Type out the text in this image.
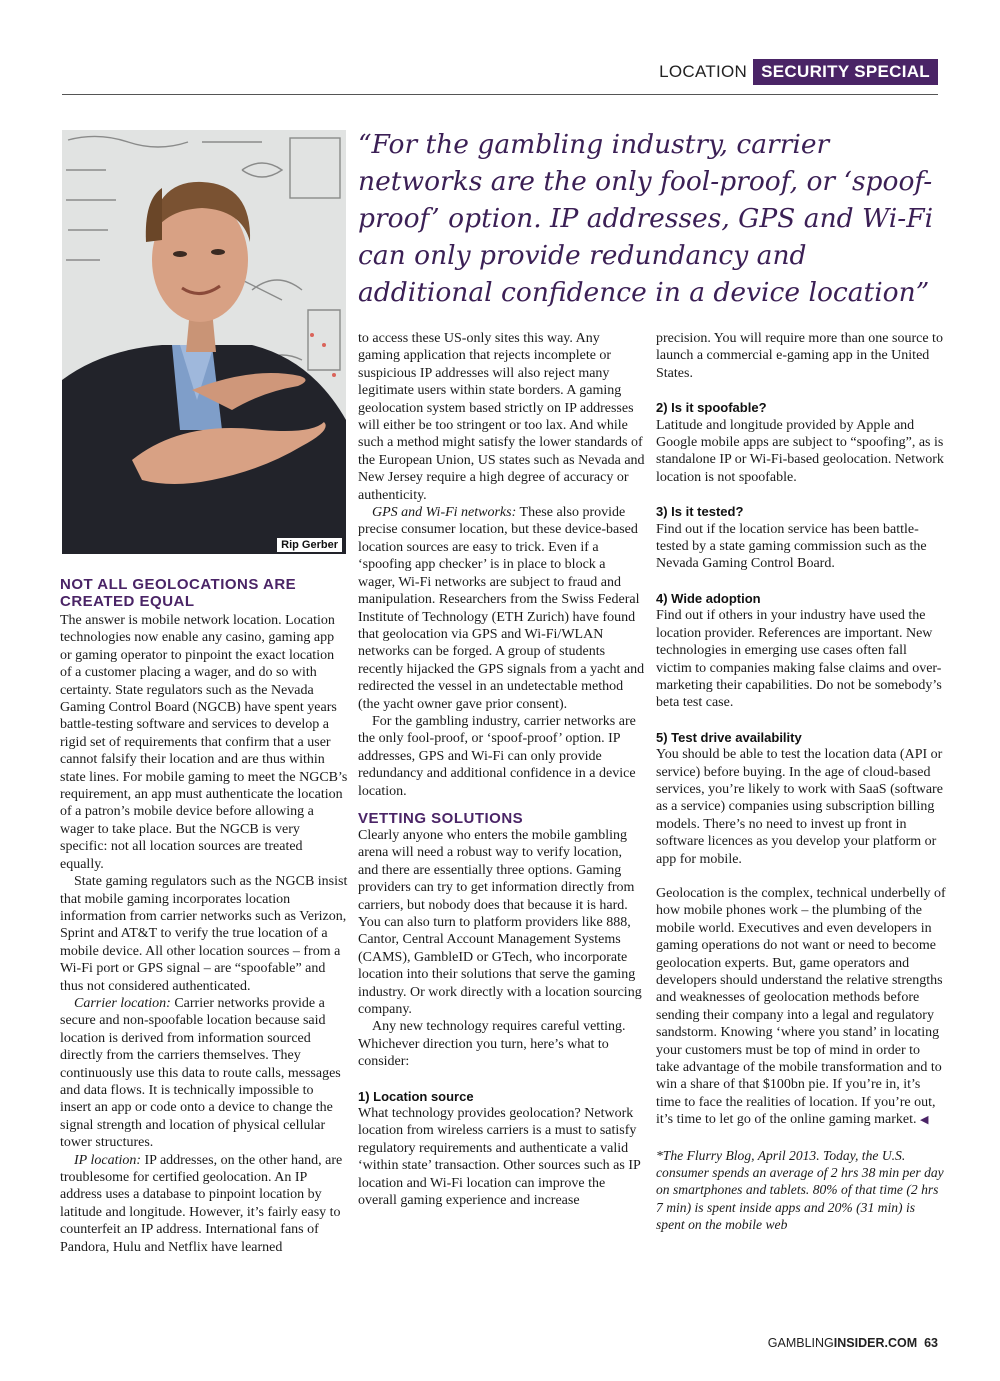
LOCATION SECURITY SPECIAL
Rip Gerber

“For the gambling industry, carrier networks are the only fool-proof, or ‘spoof-proof’ option. IP addresses, GPS and Wi-Fi can only provide redundancy and additional confidence in a device location”

NOT ALL GEOLOCATIONS ARE CREATED EQUAL

The answer is mobile network location. Location technologies now enable any casino, gaming app or gaming operator to pinpoint the exact location of a customer placing a wager, and do so with certainty. State regulators such as the Nevada Gaming Control Board (NGCB) have spent years battle-testing software and services to develop a rigid set of requirements that confirm that a user cannot falsify their location and are thus within state lines. For mobile gaming to meet the NGCB’s requirement, an app must authenticate the location of a patron’s mobile device before allowing a wager to take place. But the NGCB is very specific: not all location sources are treated equally.

State gaming regulators such as the NGCB insist that mobile gaming incorporates location information from carrier networks such as Verizon, Sprint and AT&T to verify the true location of a mobile device. All other location sources – from a Wi-Fi port or GPS signal – are “spoofable” and thus not considered authenticated.

Carrier location: Carrier networks provide a secure and non-spoofable location because said location is derived from information sourced directly from the carriers themselves. They continuously use this data to route calls, messages and data flows. It is technically impossible to insert an app or code onto a device to change the signal strength and location of physical cellular tower structures.

IP location: IP addresses, on the other hand, are troublesome for certified geolocation. An IP address uses a database to pinpoint location by latitude and longitude. However, it’s fairly easy to counterfeit an IP address. International fans of Pandora, Hulu and Netflix have learned

to access these US-only sites this way. Any gaming application that rejects incomplete or suspicious IP addresses will also reject many legitimate users within state borders. A gaming geolocation system based strictly on IP addresses will either be too stringent or too lax. And while such a method might satisfy the lower standards of the European Union, US states such as Nevada and New Jersey require a high degree of accuracy or authenticity.

GPS and Wi-Fi networks: These also provide precise consumer location, but these device-based location sources are easy to trick. Even if a ‘spoofing app checker’ is in place to block a wager, Wi-Fi networks are subject to fraud and manipulation. Researchers from the Swiss Federal Institute of Technology (ETH Zurich) have found that geolocation via GPS and Wi-Fi/WLAN networks can be forged. A group of students recently hijacked the GPS signals from a yacht and redirected the vessel in an undetectable method (the yacht owner gave prior consent).

For the gambling industry, carrier networks are the only fool-proof, or ‘spoof-proof’ option. IP addresses, GPS and Wi-Fi can only provide redundancy and additional confidence in a device location.

VETTING SOLUTIONS

Clearly anyone who enters the mobile gambling arena will need a robust way to verify location, and there are essentially three options. Gaming providers can try to get information directly from carriers, but nobody does that because it is hard. You can also turn to platform providers like 888, Cantor, Central Account Management Systems (CAMS), GambleID or GTech, who incorporate location into their solutions that serve the gaming industry. Or work directly with a location sourcing company.

Any new technology requires careful vetting. Whichever direction you turn, here’s what to consider:

1) Location source

What technology provides geolocation? Network location from wireless carriers is a must to satisfy regulatory requirements and authenticate a valid ‘within state’ transaction. Other sources such as IP location and Wi-Fi location can improve the overall gaming experience and increase

precision. You will require more than one source to launch a commercial e-gaming app in the United States.

2) Is it spoofable?

Latitude and longitude provided by Apple and Google mobile apps are subject to “spoofing”, as is standalone IP or Wi-Fi-based geolocation. Network location is not spoofable.

3) Is it tested?

Find out if the location service has been battle-tested by a state gaming commission such as the Nevada Gaming Control Board.

4) Wide adoption

Find out if others in your industry have used the location provider. References are important. New technologies in emerging use cases often fall victim to companies making false claims and over-marketing their capabilities. Do not be somebody’s beta test case.

5) Test drive availability

You should be able to test the location data (API or service) before buying. In the age of cloud-based services, you’re likely to work with SaaS (software as a service) companies using subscription billing models. There’s no need to invest up front in software licences as you develop your platform or app for mobile.

Geolocation is the complex, technical underbelly of how mobile phones work – the plumbing of the mobile world. Executives and even developers in gaming operations do not want or need to become geolocation experts. But, game operators and developers should understand the relative strengths and weaknesses of geolocation methods before sending their company into a legal and regulatory sandstorm. Knowing ‘where you stand’ in locating your customers must be top of mind in order to take advantage of the mobile transformation and to win a share of that $100bn pie. If you’re in, it’s time to face the realities of location. If you’re out, it’s time to let go of the online gaming market. ◀

*The Flurry Blog, April 2013. Today, the U.S. consumer spends an average of 2 hrs 38 min per day on smartphones and tablets. 80% of that time (2 hrs 7 min) is spent inside apps and 20% (31 min) is spent on the mobile web

GAMBLINGINSIDER.COM 63
